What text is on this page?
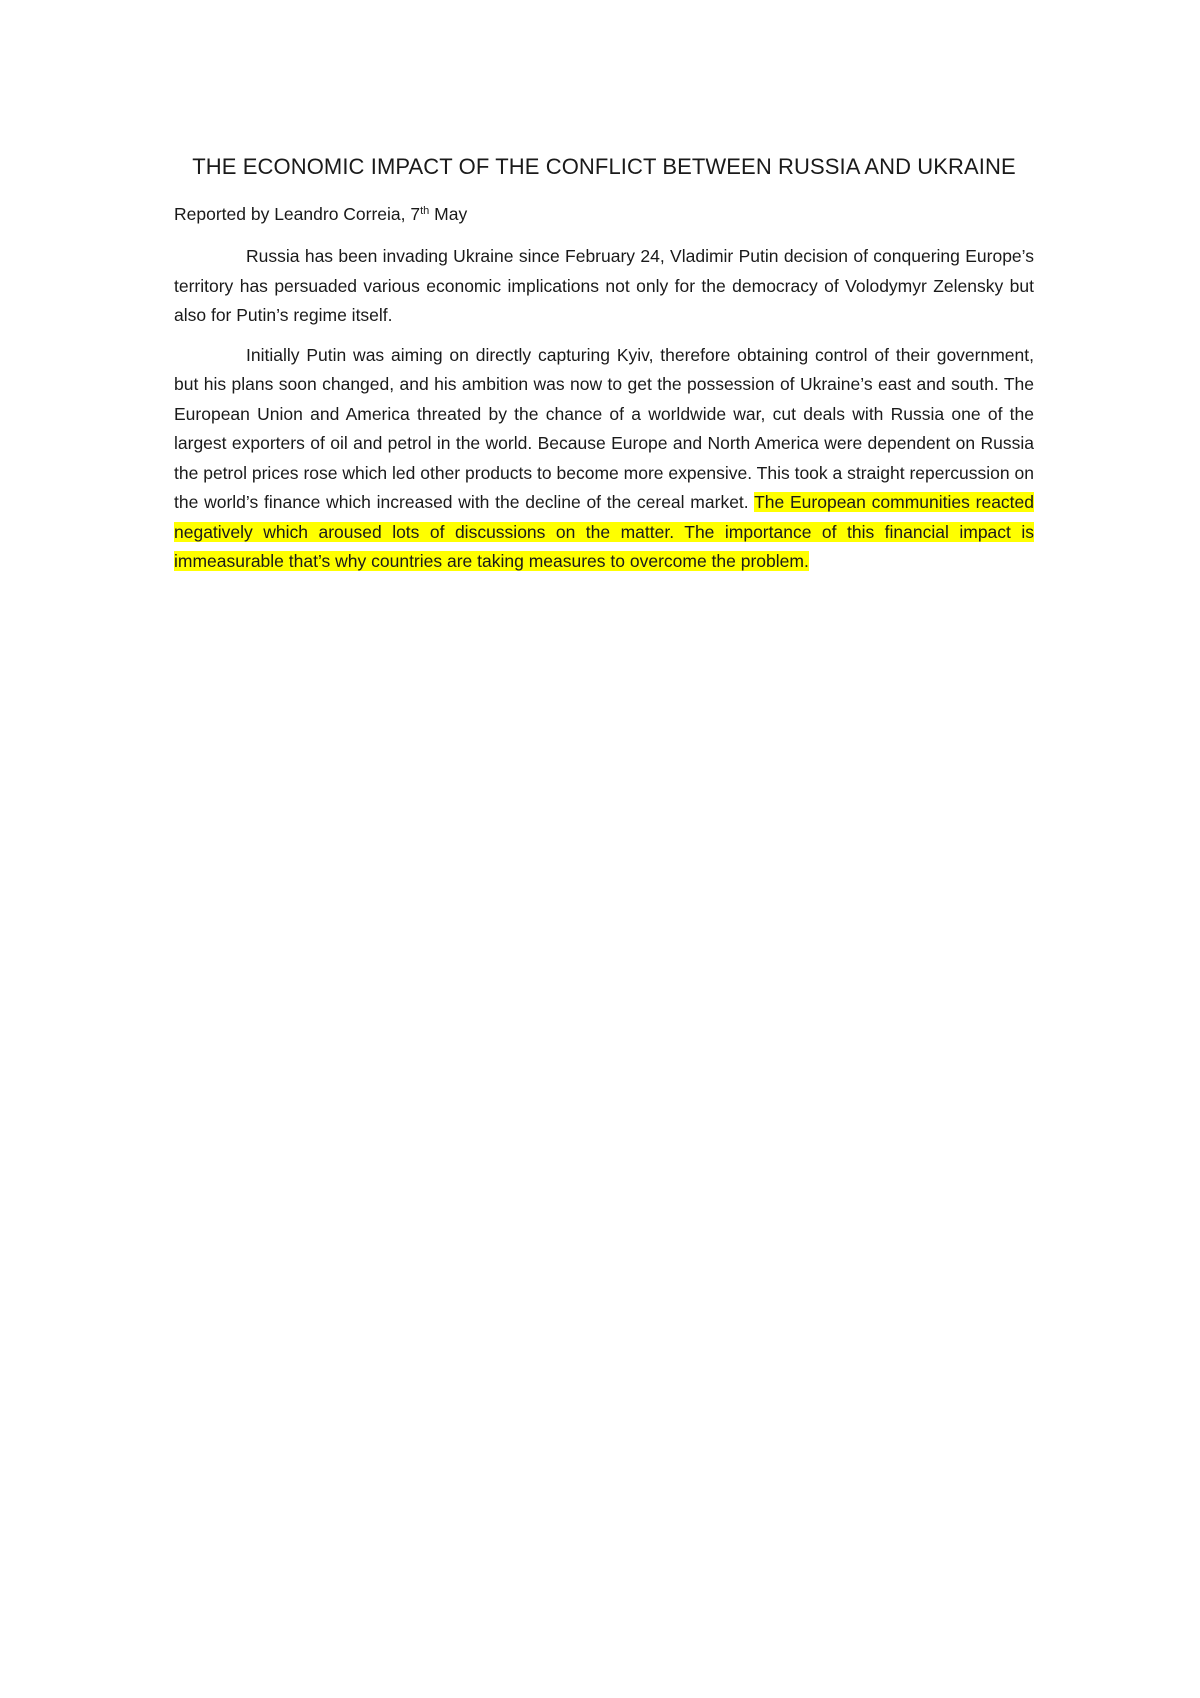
THE ECONOMIC IMPACT OF THE CONFLICT BETWEEN RUSSIA AND UKRAINE

Reported by Leandro Correia, 7th May

Russia has been invading Ukraine since February 24, Vladimir Putin decision of conquering Europe’s territory has persuaded various economic implications not only for the democracy of Volodymyr Zelensky but also for Putin’s regime itself.

Initially Putin was aiming on directly capturing Kyiv, therefore obtaining control of their government, but his plans soon changed, and his ambition was now to get the possession of Ukraine’s east and south. The European Union and America threated by the chance of a worldwide war, cut deals with Russia one of the largest exporters of oil and petrol in the world. Because Europe and North America were dependent on Russia the petrol prices rose which led other products to become more expensive. This took a straight repercussion on the world’s finance which increased with the decline of the cereal market. The European communities reacted negatively which aroused lots of discussions on the matter. The importance of this financial impact is immeasurable that’s why countries are taking measures to overcome the problem.
